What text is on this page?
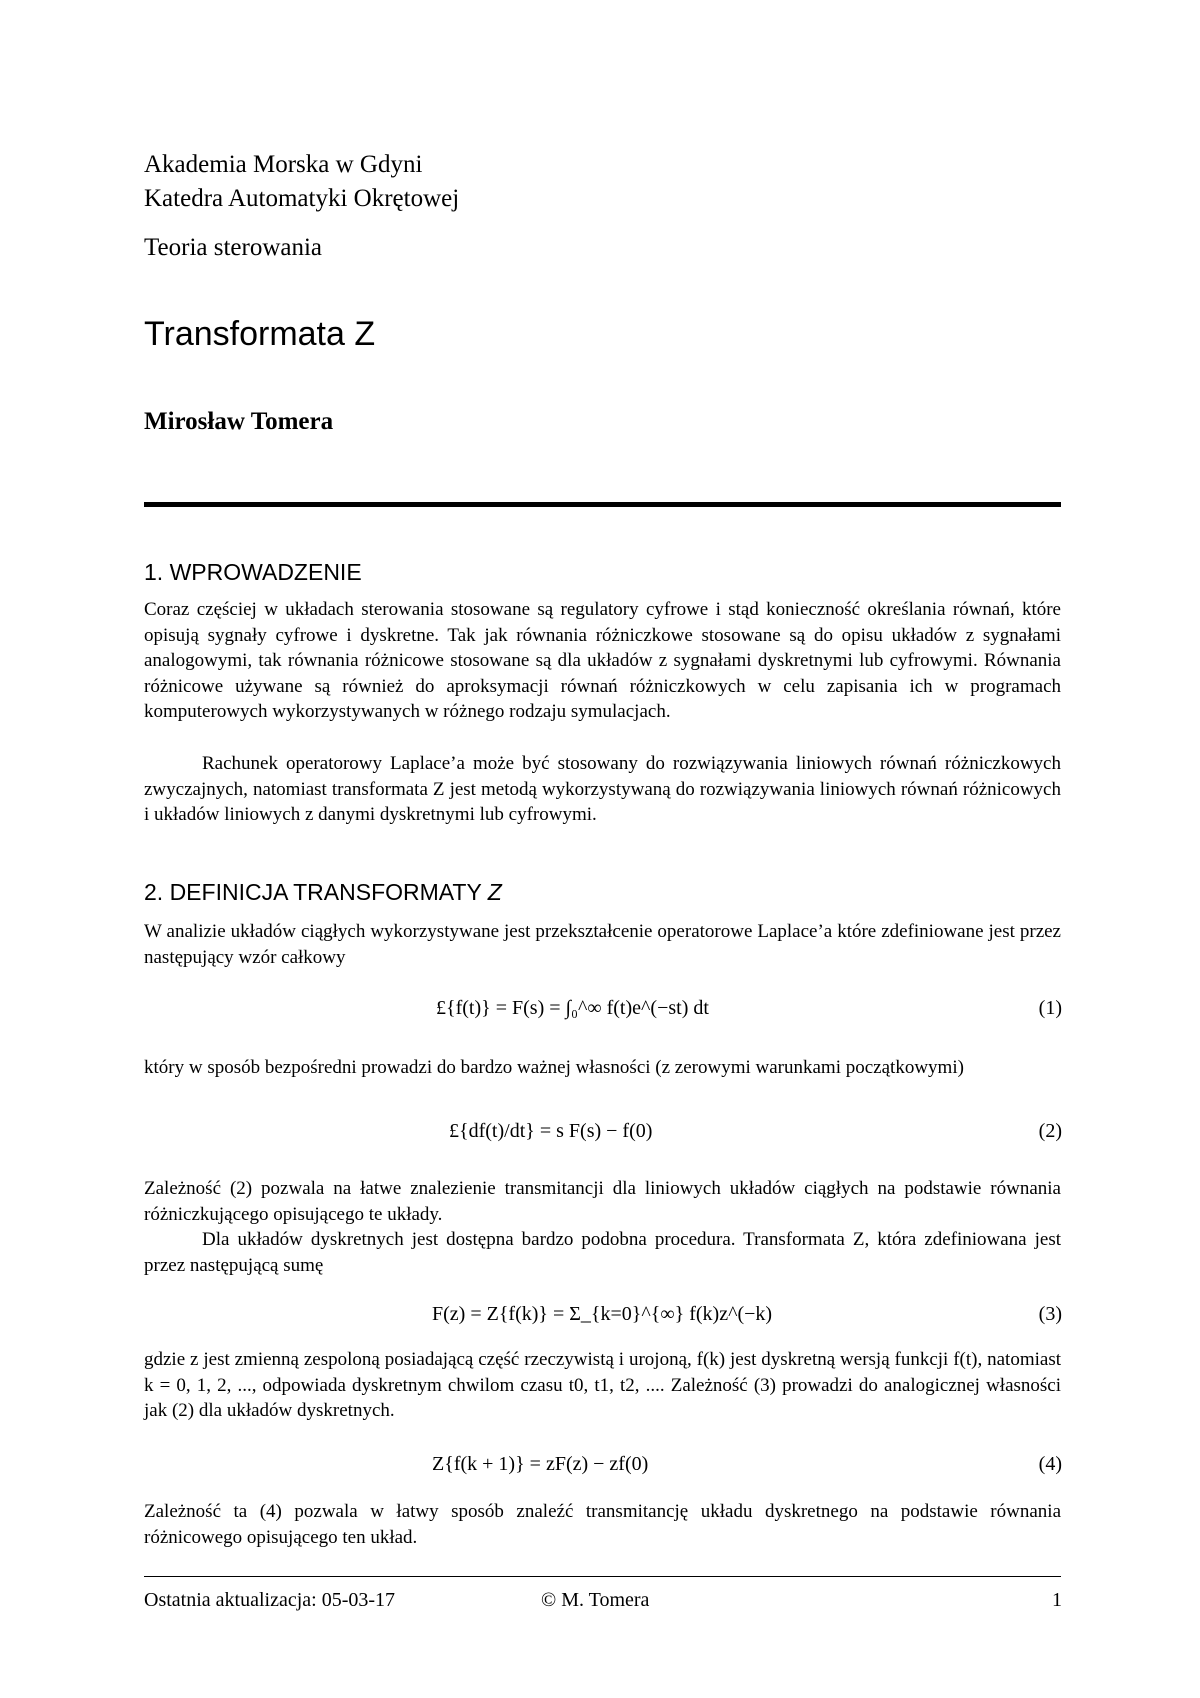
Akademia Morska w Gdyni
Katedra Automatyki Okrętowej
Teoria sterowania
Transformata Z
Mirosław Tomera
1. WPROWADZENIE
Coraz częściej w układach sterowania stosowane są regulatory cyfrowe i stąd konieczność określania równań, które opisują sygnały cyfrowe i dyskretne. Tak jak równania różniczkowe stosowane są do opisu układów z sygnałami analogowymi, tak równania różnicowe stosowane są dla układów z sygnałami dyskretnymi lub cyfrowymi. Równania różnicowe używane są również do aproksymacji równań różniczkowych w celu zapisania ich w programach komputerowych wykorzystywanych w różnego rodzaju symulacjach.
Rachunek operatorowy Laplace’a może być stosowany do rozwiązywania liniowych równań różniczkowych zwyczajnych, natomiast transformata Z jest metodą wykorzystywaną do rozwiązywania liniowych równań różnicowych i układów liniowych z danymi dyskretnymi lub cyfrowymi.
2. DEFINICJA TRANSFORMATY Z
W analizie układów ciągłych wykorzystywane jest przekształcenie operatorowe Laplace’a które zdefiniowane jest przez następujący wzór całkowy
£{f(t)} = F(s) = ∫₀^∞ f(t)e^(−st) dt	(1)
który w sposób bezpośredni prowadzi do bardzo ważnej własności (z zerowymi warunkami początkowymi)
£{df(t)/dt} = s F(s) − f(0)	(2)
Zależność (2) pozwala na łatwe znalezienie transmitancji dla liniowych układów ciągłych na podstawie równania różniczkującego opisującego te układy.
Dla układów dyskretnych jest dostępna bardzo podobna procedura. Transformata Z, która zdefiniowana jest przez następującą sumę
F(z) = Z{f(k)} = Σ_{k=0}^{∞} f(k)z^(−k)	(3)
gdzie z jest zmienną zespoloną posiadającą część rzeczywistą i urojoną, f(k) jest dyskretną wersją funkcji f(t), natomiast k = 0, 1, 2, ..., odpowiada dyskretnym chwilom czasu t0, t1, t2, .... Zależność (3) prowadzi do analogicznej własności jak (2) dla układów dyskretnych.
Z{f(k + 1)} = zF(z) − zf(0)	(4)
Zależność ta (4) pozwala w łatwy sposób znaleźć transmitancję układu dyskretnego na podstawie równania różnicowego opisującego ten układ.
Ostatnia aktualizacja: 05-03-17	© M. Tomera	1
